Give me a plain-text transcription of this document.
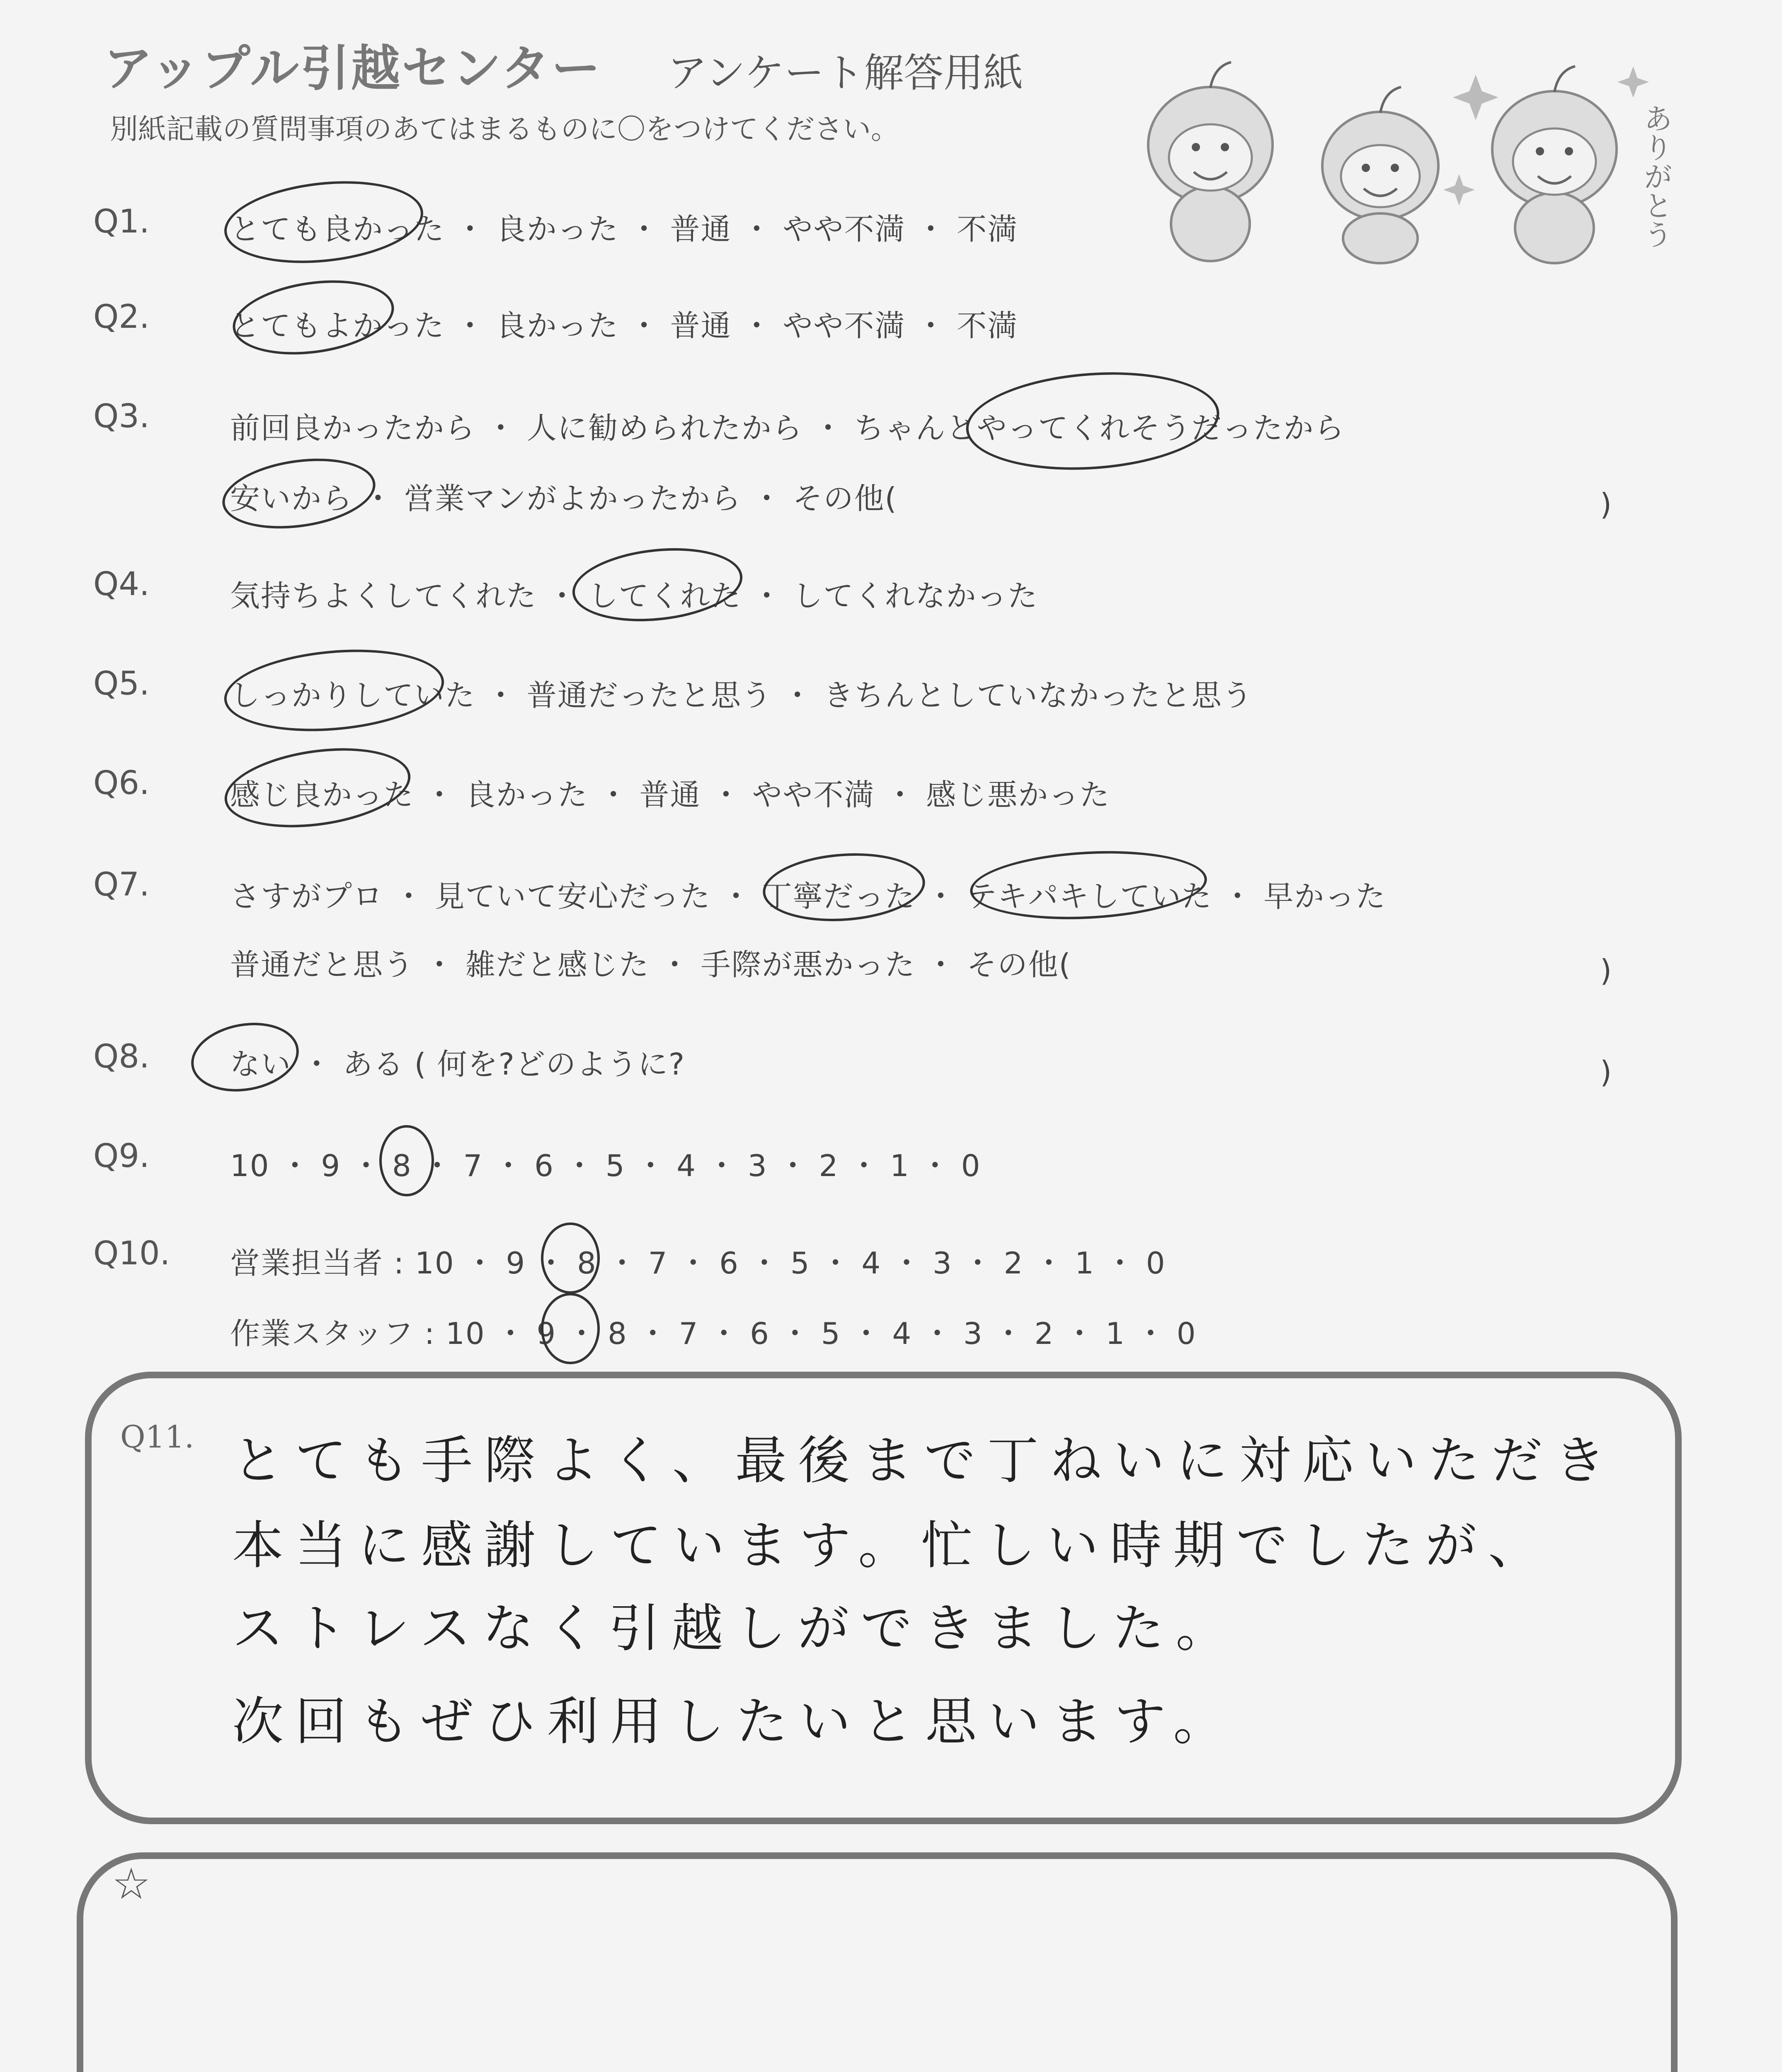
アップル引越センター アンケート解答用紙
別紙記載の質問事項のあてはまるものに〇をつけてください。	ありがとう
Q1.	とても良かった ・ 良かった ・ 普通 ・ やや不満 ・ 不満
Q2.	とてもよかった ・ 良かった ・ 普通 ・ やや不満 ・ 不満
Q3.	前回良かったから ・ 人に勧められたから ・ ちゃんとやってくれそうだったから
安いから ・ 営業マンがよかったから ・ その他(	)
Q4.	気持ちよくしてくれた ・ してくれた ・ してくれなかった
Q5.	しっかりしていた ・ 普通だったと思う ・ きちんとしていなかったと思う
Q6.	感じ良かった ・ 良かった ・ 普通 ・ やや不満 ・ 感じ悪かった
Q7.	さすがプロ ・ 見ていて安心だった ・ 丁寧だった ・ テキパキしていた ・ 早かった
普通だと思う ・ 雑だと感じた ・ 手際が悪かった ・ その他(	)
Q8.	ない ・ ある ( 何を?どのように?	)
Q9.	10 ・ 9 ・ 8 ・ 7 ・ 6 ・ 5 ・ 4 ・ 3 ・ 2 ・ 1 ・ 0
Q10. 営業担当者 : 10 ・ 9 ・ 8 ・ 7 ・ 6 ・ 5 ・ 4 ・ 3 ・ 2 ・ 1 ・ 0
作業スタッフ : 10 ・ 9 ・ 8 ・ 7 ・ 6 ・ 5 ・ 4 ・ 3 ・ 2 ・ 1 ・ 0
Q11. とても手際よく、最後まで丁ねいに対応いただき
本当に感謝しています。忙しい時期でしたが、
ストレスなく引越しができました。
次回もぜひ利用したいと思います。
☆
